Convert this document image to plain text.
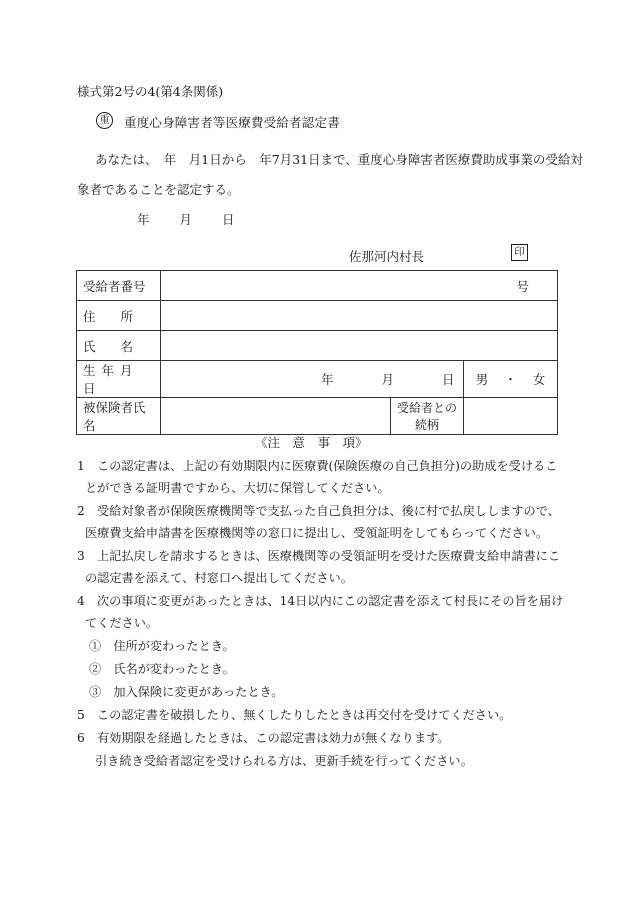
様式第2号の4(第4条関係)
重 重度心身障害者等医療費受給者認定書
あなたは、　年　月1日から　年7月31日まで、重度心身障害者医療費助成事業の受給対
象者であることを認定する。
年 月 日
佐那河内村長	印
受給者番号	号		
住　　所			
氏　　名			
生年月日	年 月 日		男 ・ 女
被保険者氏名		受給者との続柄	
《注　意　事　項》
1　この認定書は、上記の有効期限内に医療費(保険医療の自己負担分)の助成を受けるこ
とができる証明書ですから、大切に保管してください。
2　受給対象者が保険医療機関等で支払った自己負担分は、後に村で払戻ししますので、
医療費支給申請書を医療機関等の窓口に提出し、受領証明をしてもらってください。
3　上記払戻しを請求するときは、医療機関等の受領証明を受けた医療費支給申請書にこ
の認定書を添えて、村窓口へ提出してください。
4　次の事項に変更があったときは、14日以内にこの認定書を添えて村長にその旨を届け
てください。
①　住所が変わったとき。
②　氏名が変わったとき。
③　加入保険に変更があったとき。
5　この認定書を破損したり、無くしたりしたときは再交付を受けてください。
6　有効期限を経過したときは、この認定書は効力が無くなります。
引き続き受給者認定を受けられる方は、更新手続を行ってください。
